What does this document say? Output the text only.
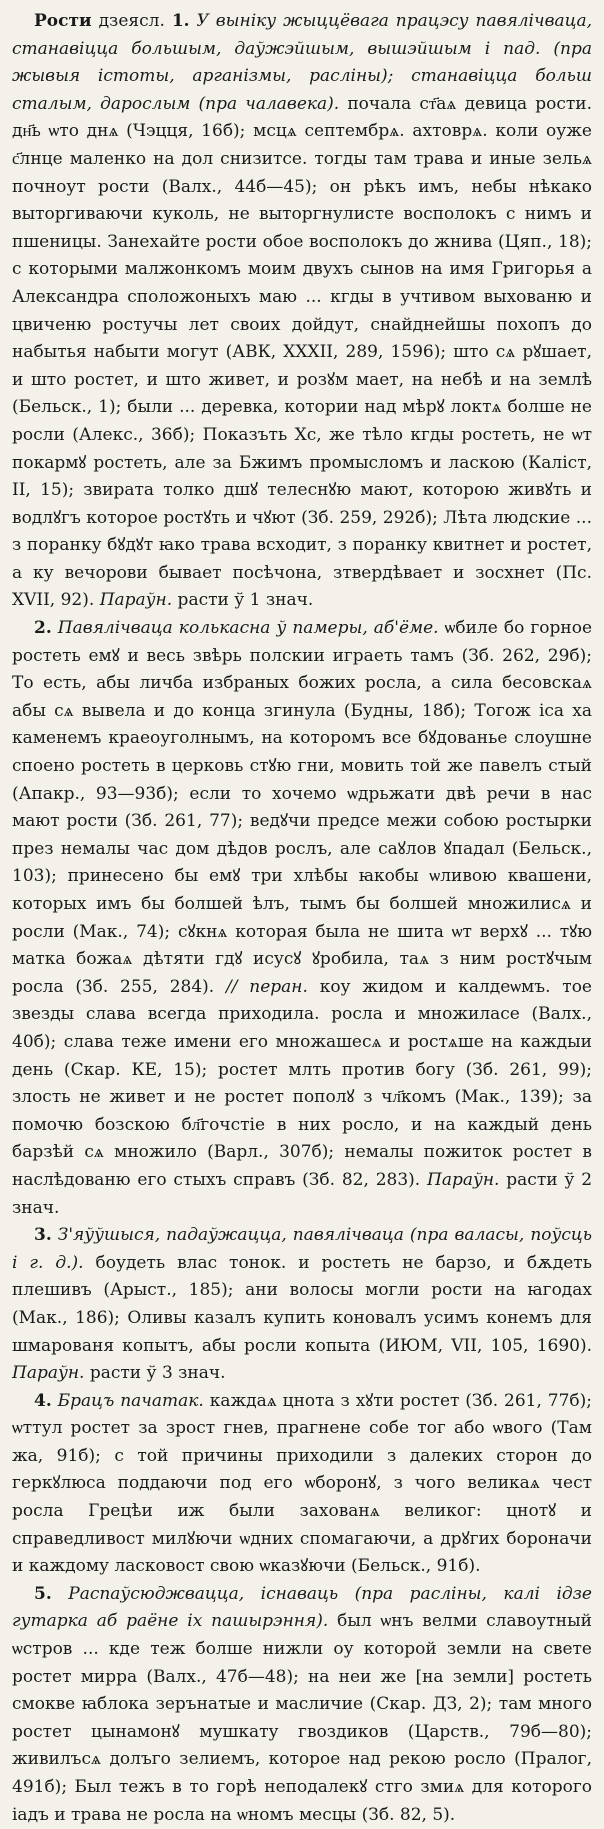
Рости дзеясл. 1. У выніку жыццёвага працэсу павялічваца, станавіцца большым, даўжэйшым, вышэйшым і пад. (пра жывыя істоты, арганізмы, расліны); станавіцца больш сталым, дарослым (пра чалавека). почала ст҃аѧ девица рости. дн҃ь ѡто днѧ (Чэцця, 16б); мсцѧ септембрѧ. ахтоврѧ. коли оуже с҃лнце маленко на дол снизитсе. тогды там трава и иные зельѧ почноут рости (Валх., 44б—45); он рѣкъ имъ, небы нѣкако выторгиваючи куколь, не выторгнулисте восполокъ с нимъ и пшеницы. Занехайте рости обое восполокъ до жнива (Цяп., 18); с которыми малжонкомъ моим двухъ сынов на имя Григорья а Александра сположоныхъ маю ... кгды в учтивом выхованю и цвиченю ростучы лет своих дойдут, снайднейшы похопъ до набытья набыти могут (АВК, XXXII, 289, 1596); што сѧ рꙋшает, и што ростет, и што живет, и розꙋм мает, на небѣ и на землѣ (Бельск., 1); были ... деревка, котории над мѣрꙋ локтѧ болше не росли (Алекс., 36б); Показъть Хс, же тѣло кгды ростеть, не ѡт покармꙋ ростеть, але за Бжимъ промысломъ и ласкою (Каліст, II, 15); звирата толко дшꙋ телеснꙋю мают, которою живꙋть и водлꙋгъ которое ростꙋть и чꙋют (Зб. 259, 292б); Лѣта людские ... з поранку бꙋдꙋт ꙗко трава всходит, з поранку квитнет и ростет, а ку вечорови бывает посѣчона, зтвердѣвает и зосхнет (Пс. XVII, 92). Параўн. расти ў 1 знач.

2. Павялічваца колькасна ў памеры, аб'ёме. ѡбиле бо горное ростеть емꙋ и весь звѣрь полскии играеть тамъ (Зб. 262, 29б); То есть, абы личба избраных божих росла, а сила бесовскаѧ абы сѧ вывела и до конца згинула (Будны, 18б); Тогож іса ха каменемъ краеоуголнымъ, на которомъ все бꙋдованье слоушне споено ростеть в церковь стꙋю гни, мовить той же павелъ стый (Апакр., 93—93б); если то хочемо ѡдрьжати двѣ речи в нас мают рости (Зб. 261, 77); ведꙋчи предсе межи собою ростырки през немалы час дом дѣдов рослъ, але саꙋлов ꙋпадал (Бельск., 103); принесено бы емꙋ три хлѣбы ꙗкобы ѡливою квашени, которых имъ бы болшей ѣлъ, тымъ бы болшей множилисѧ и росли (Мак., 74); сꙋкнѧ которая была не шита ѡт верхꙋ ... тꙋю матка божаѧ дѣтяти гдꙋ исусꙋ ꙋробила, таѧ з ним ростꙋчым росла (Зб. 255, 284). // перан. коу жидом и калдеѡмъ. тое звезды слава всегда приходила. росла и множиласе (Валх., 40б); слава теже имени его множашесѧ и ростѧше на каждыи день (Скар. КЕ, 15); ростет млть против богу (Зб. 261, 99); злость не живет и не ростет пополꙋ з чл҃комъ (Мак., 139); за помочю бозскою бл҃гочстіе в них росло, и на каждый день барзѣй сѧ множило (Варл., 307б); немалы пожиток ростет в наслѣдованю его стыхъ справъ (Зб. 82, 283). Параўн. расти ў 2 знач.

3. З'яўўшыся, падаўжацца, павялічваца (пра валасы, поўсць і г. д.). боудеть влас тонок. и ростеть не барзо, и бѫдеть плешивъ (Арыст., 185); ани волосы могли рости на ꙗгодах (Мак., 186); Оливы казалъ купить коновалъ усимъ конемъ для шмарованя копытъ, абы росли копыта (ИЮМ, VII, 105, 1690). Параўн. расти ў 3 знач.

4. Брацъ пачатак. каждаѧ цнота з хꙋти ростет (Зб. 261, 77б); ѡттул ростет за зрост гнев, прагнене собе тог або ѡвого (Там жа, 91б); с той причины приходили з далеких сторон до геркꙋлюса поддаючи под его ѡборонꙋ, з чого великаѧ чест росла Грецѣи иж были захованѧ великог: цнотꙋ и справедливост милꙋючи ѡдних спомагаючи, а дрꙋгих бороначи и каждому ласковост свою ѡказꙋючи (Бельск., 91б).

5. Распаўсюджвацца, існаваць (пра расліны, калі ідзе гутарка аб раёне іх пашырэння). был ѡнъ велми славоутный ѡстров ... кде теж болше нижли оу которой земли на свете ростет мирра (Валх., 47б—48); на неи же [на земли] ростеть смокве ꙗблока зерънатые и масличие (Скар. ДЗ, 2); там много ростет цынамонꙋ мушкату гвоздиков (Царств., 79б—80); живилъсѧ долъго зелиемъ, которое над рекою росло (Пралог, 491б); Был тежъ в то горѣ неподалекꙋ стго змиѧ для которого іадъ и трава не росла на ѡномъ месцы (Зб. 82, 5).
